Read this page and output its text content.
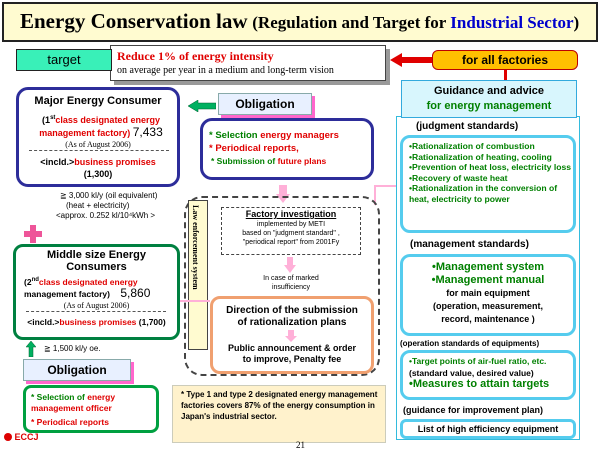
Energy Conservation law (Regulation and Target for Industrial Sector)
target	Reduce 1% of energy intensity
on average per year in a medium and long-term vision
for all factories
Guidance and advice
for energy management
(judgment standards)
•Rationalization of combustion
•Rationalization of heating, cooling
•Prevention of heat loss, electricity loss
•Recovery of waste heat
•Rationalization in the conversion of heat, electricity to power
(management standards)
•Management system
•Management manual
for main equipment
(operation, measurement,
record, maintenance )
(operation standards of equipments)
•Target points of air-fuel ratio, etc.
(standard value, desired value)
•Measures to attain targets
(guidance for improvement plan)
List of high efficiency equipment
Major Energy Consumer
(1stclass designated energy
management factory) 7,433
(As of August 2006)
<incld.>business promises
(1,300)
≧ 3,000 kl/y (oil equivalent)
(heat + electricity)
<approx. 0.252 kl/10⁴kWh >
Obligation
* Selection energy managers
* Periodical reports,
* Submission of future plans
Law enforcement system	Factory investigation
implemented by METI
based on "judgment standard" ,
"periodical report" from 2001Fy
In case of marked
insufficiency
Direction of the submission
of rationalization plans
Public announcement & order
to improve, Penalty fee
Middle size Energy
Consumers
(2ndclass designated energy
management factory) 5,860
(As of August 2006)
<incld.>business promises (1,700)
≧ 1,500 kl/y oe.
Obligation
* Selection of energy management officer
* Periodical reports
* Type 1 and type 2 designated energy management factories covers 87% of the energy consumption in Japan's industrial sector.
ECCJ
21
